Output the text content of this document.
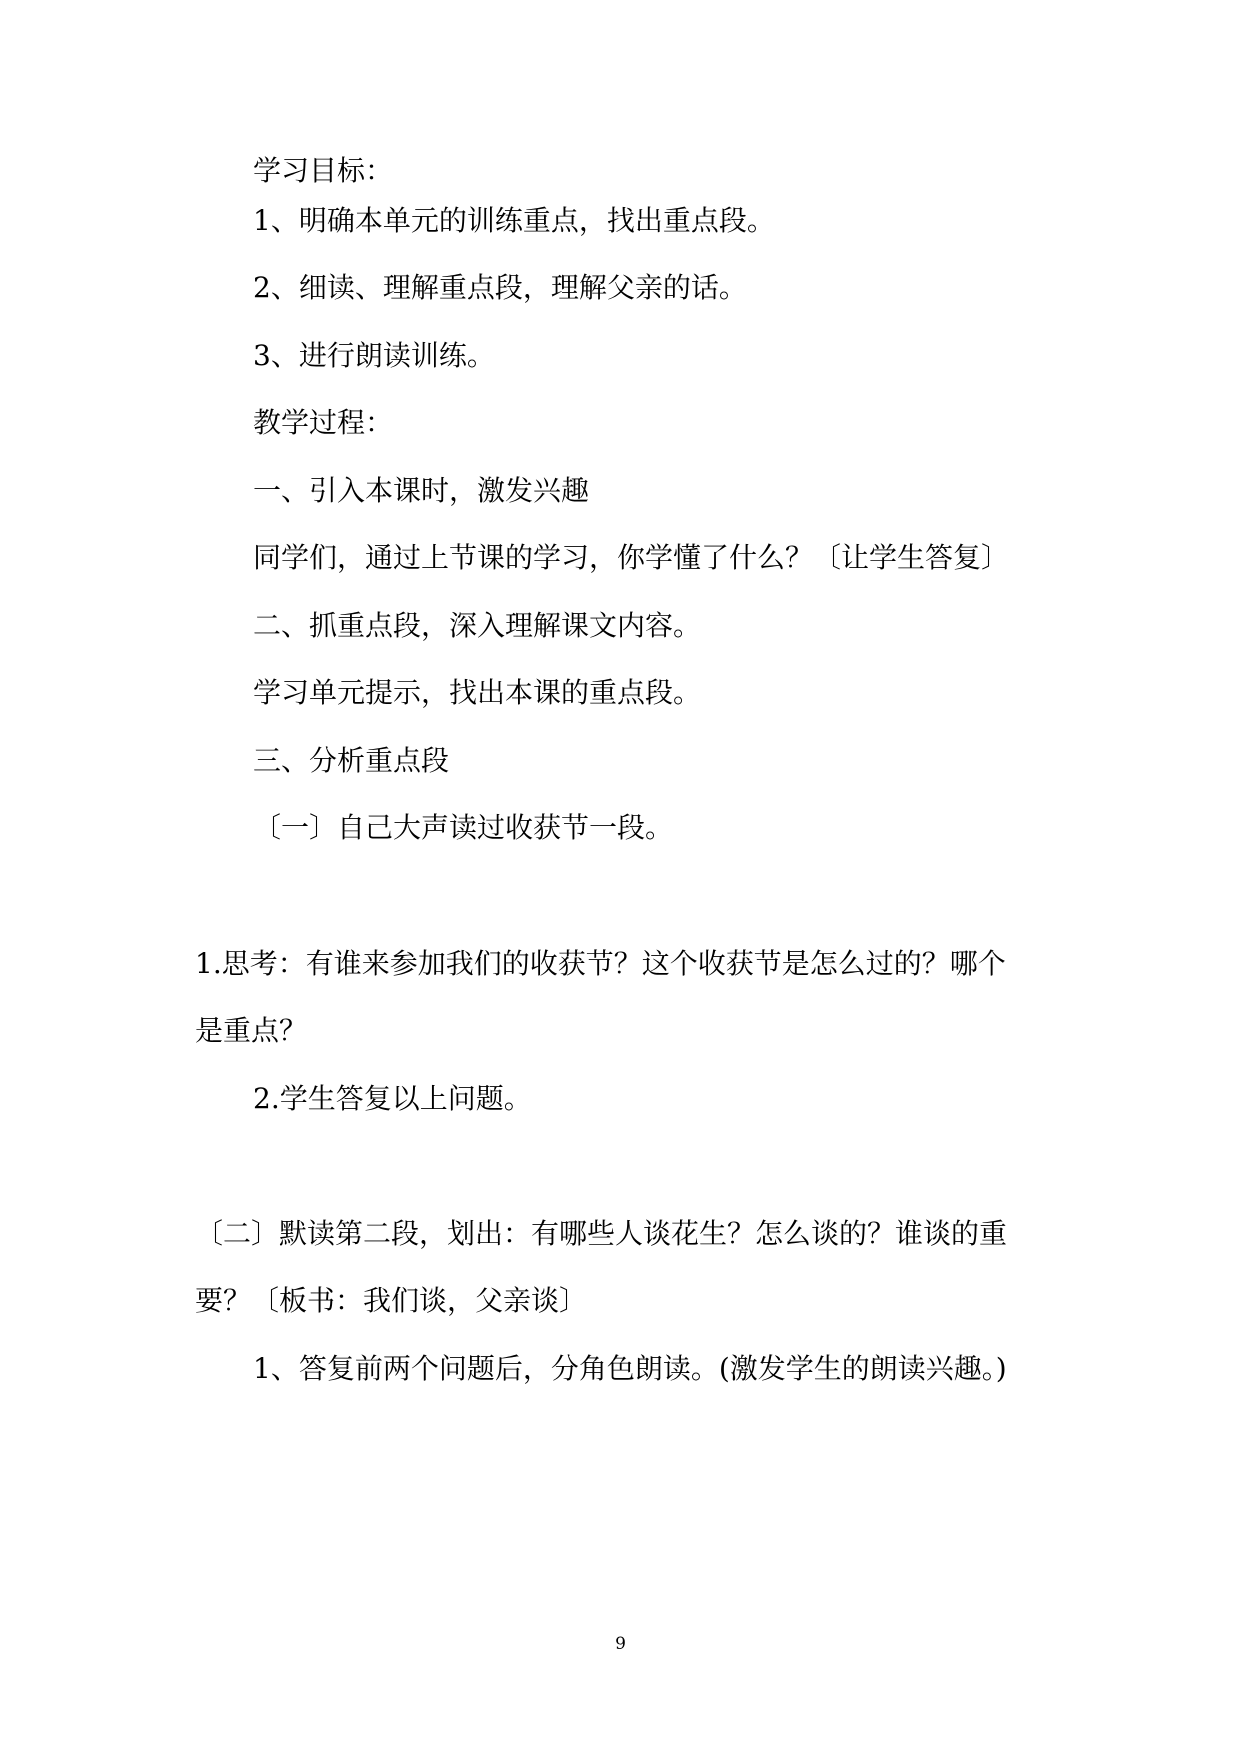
学习目标：
1、明确本单元的训练重点，找出重点段。
2、细读、理解重点段，理解父亲的话。
3、进行朗读训练。
教学过程：
一、引入本课时，激发兴趣
同学们，通过上节课的学习，你学懂了什么？〔让学生答复〕
二、抓重点段，深入理解课文内容。
学习单元提示，找出本课的重点段。
三、分析重点段
〔一〕自己大声读过收获节一段。
1.思考：有谁来参加我们的收获节？这个收获节是怎么过的？哪个
是重点？
2.学生答复以上问题。
〔二〕默读第二段，划出：有哪些人谈花生？怎么谈的？谁谈的重
要？〔板书：我们谈，父亲谈〕
1、答复前两个问题后，分角色朗读。(激发学生的朗读兴趣。)
9
